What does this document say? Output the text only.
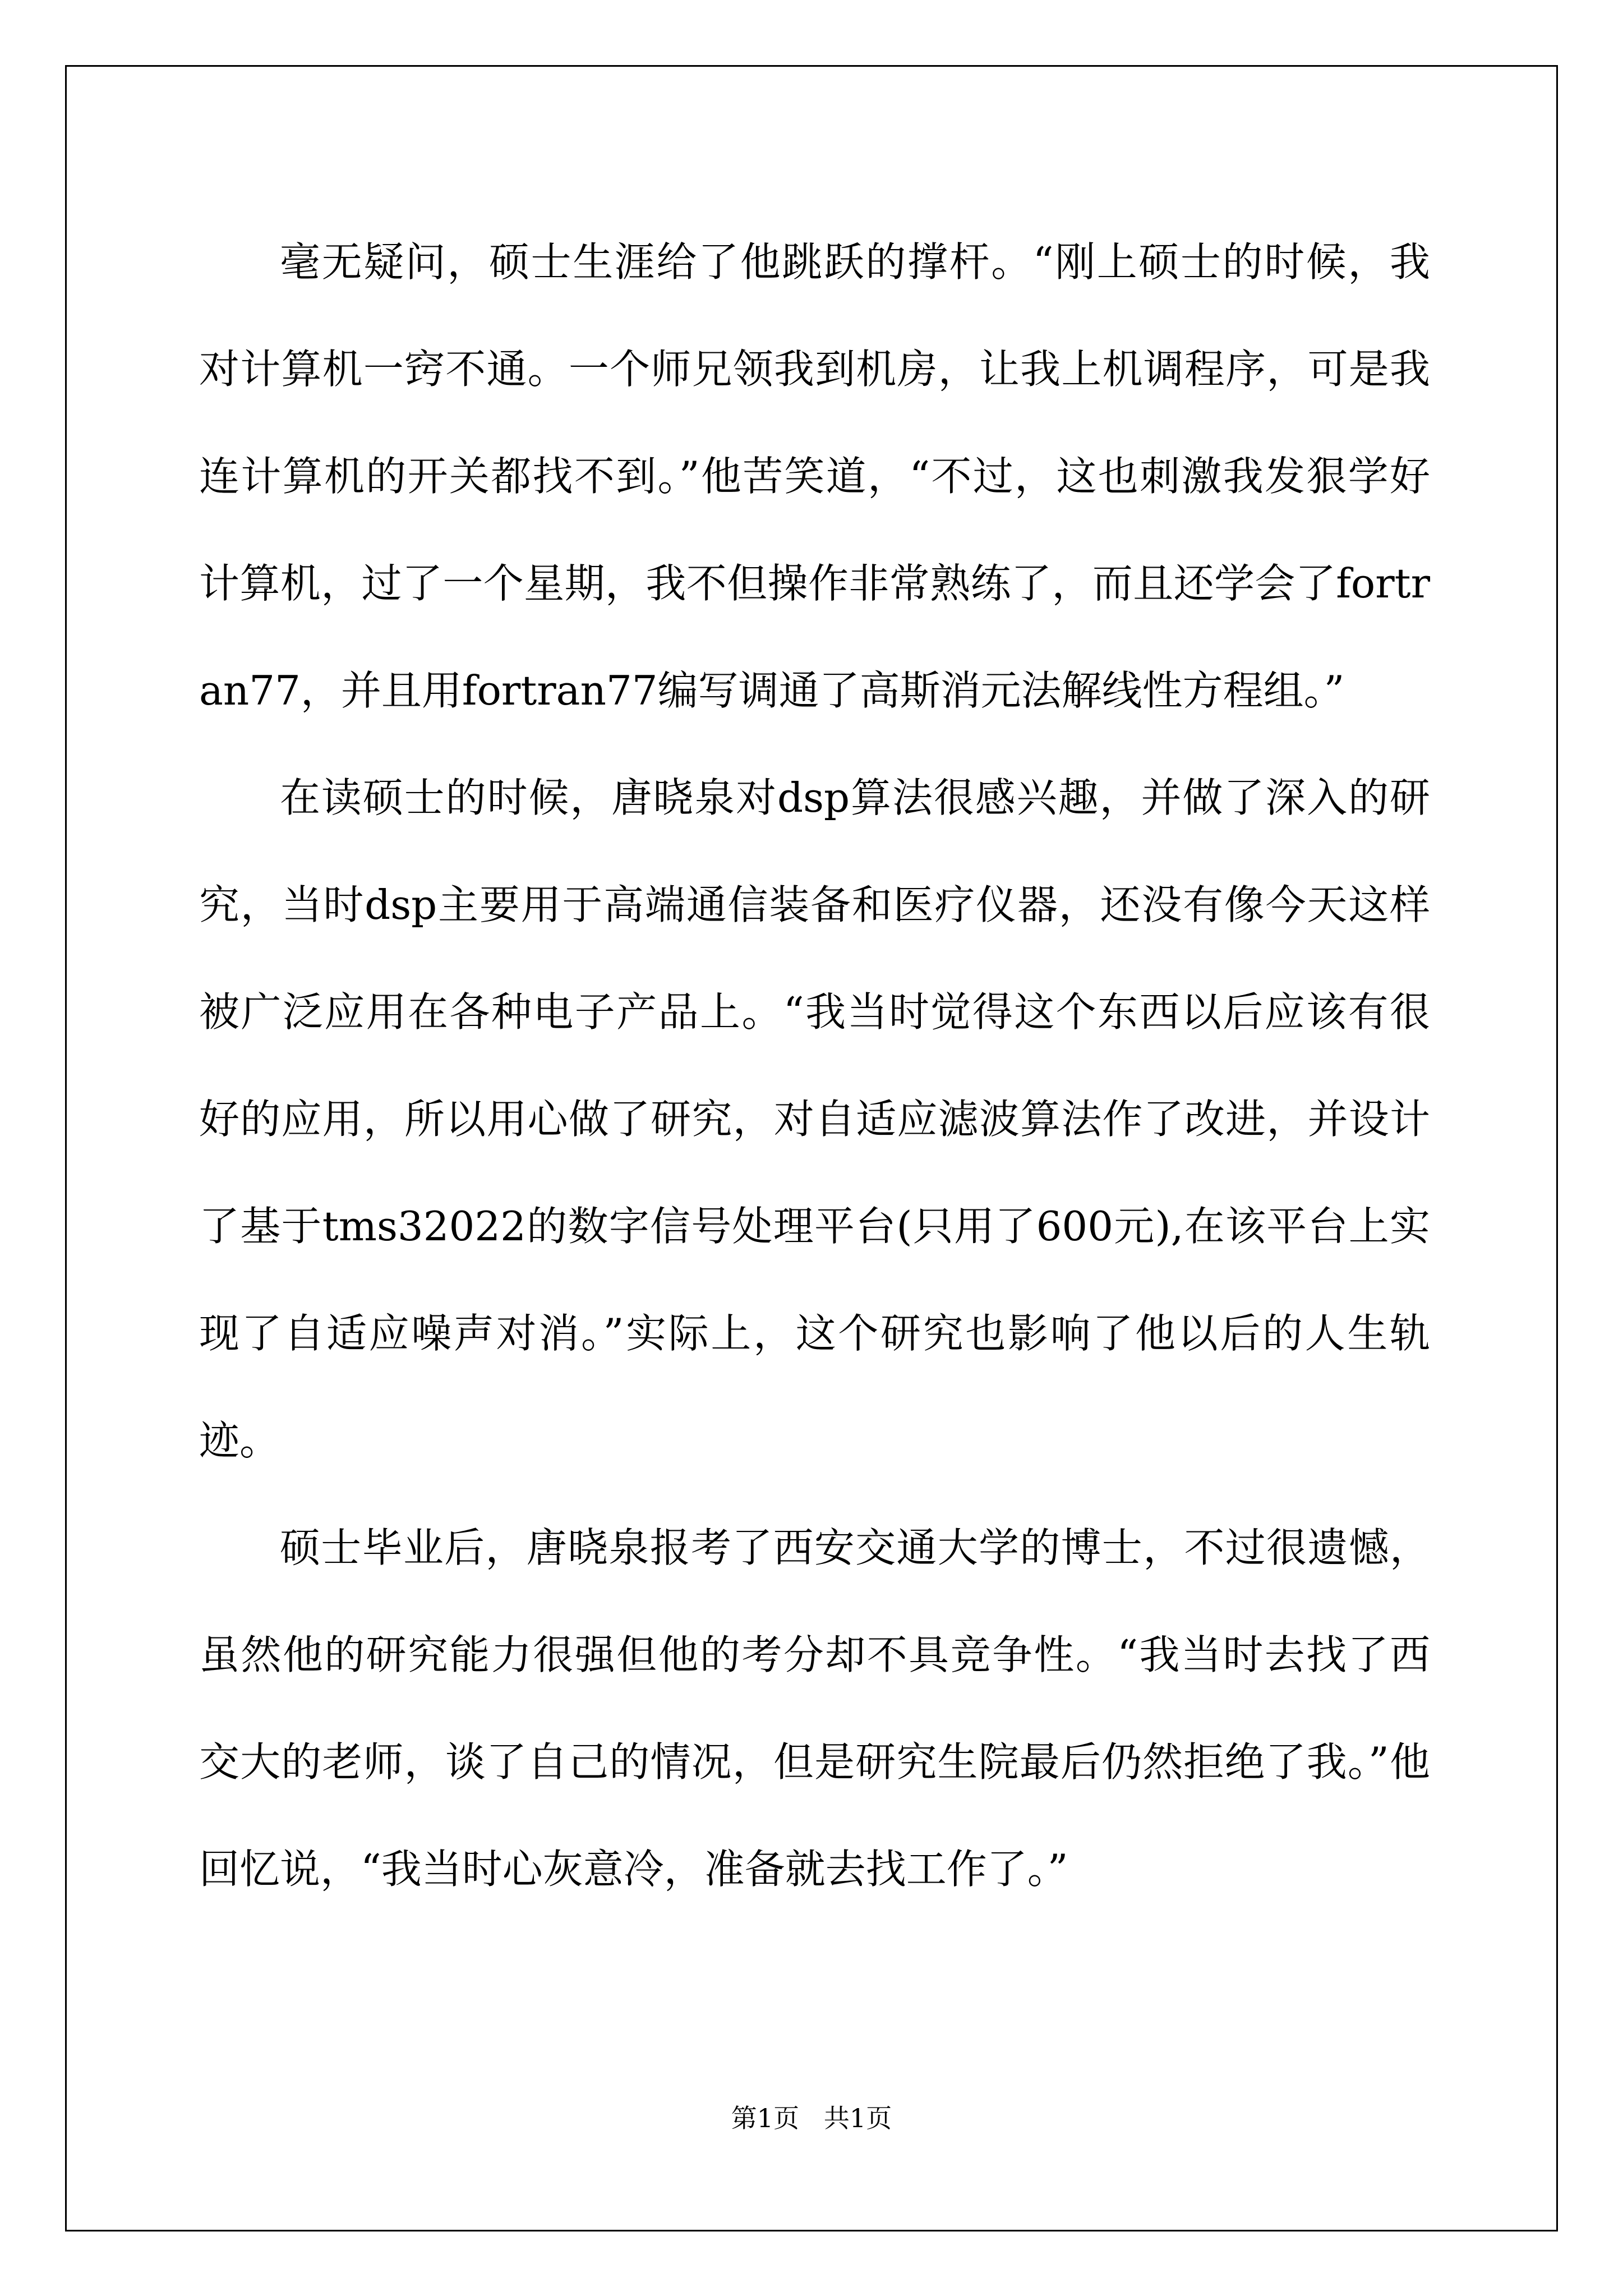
毫无疑问，硕士生涯给了他跳跃的撑杆。“刚上硕士的时候，我对计算机一窍不通。一个师兄领我到机房，让我上机调程序，可是我连计算机的开关都找不到。”他苦笑道，“不过，这也刺激我发狠学好计算机，过了一个星期，我不但操作非常熟练了，而且还学会了fortran77，并且用fortran77编写调通了高斯消元法解线性方程组。”

在读硕士的时候，唐晓泉对dsp算法很感兴趣，并做了深入的研究，当时dsp主要用于高端通信装备和医疗仪器，还没有像今天这样被广泛应用在各种电子产品上。“我当时觉得这个东西以后应该有很好的应用，所以用心做了研究，对自适应滤波算法作了改进，并设计了基于tms32022的数字信号处理平台(只用了600元),在该平台上实现了自适应噪声对消。”实际上，这个研究也影响了他以后的人生轨迹。

硕士毕业后，唐晓泉报考了西安交通大学的博士，不过很遗憾，虽然他的研究能力很强但他的考分却不具竞争性。“我当时去找了西交大的老师，谈了自己的情况，但是研究生院最后仍然拒绝了我。”他回忆说，“我当时心灰意冷，准备就去找工作了。”

第1页   共1页
